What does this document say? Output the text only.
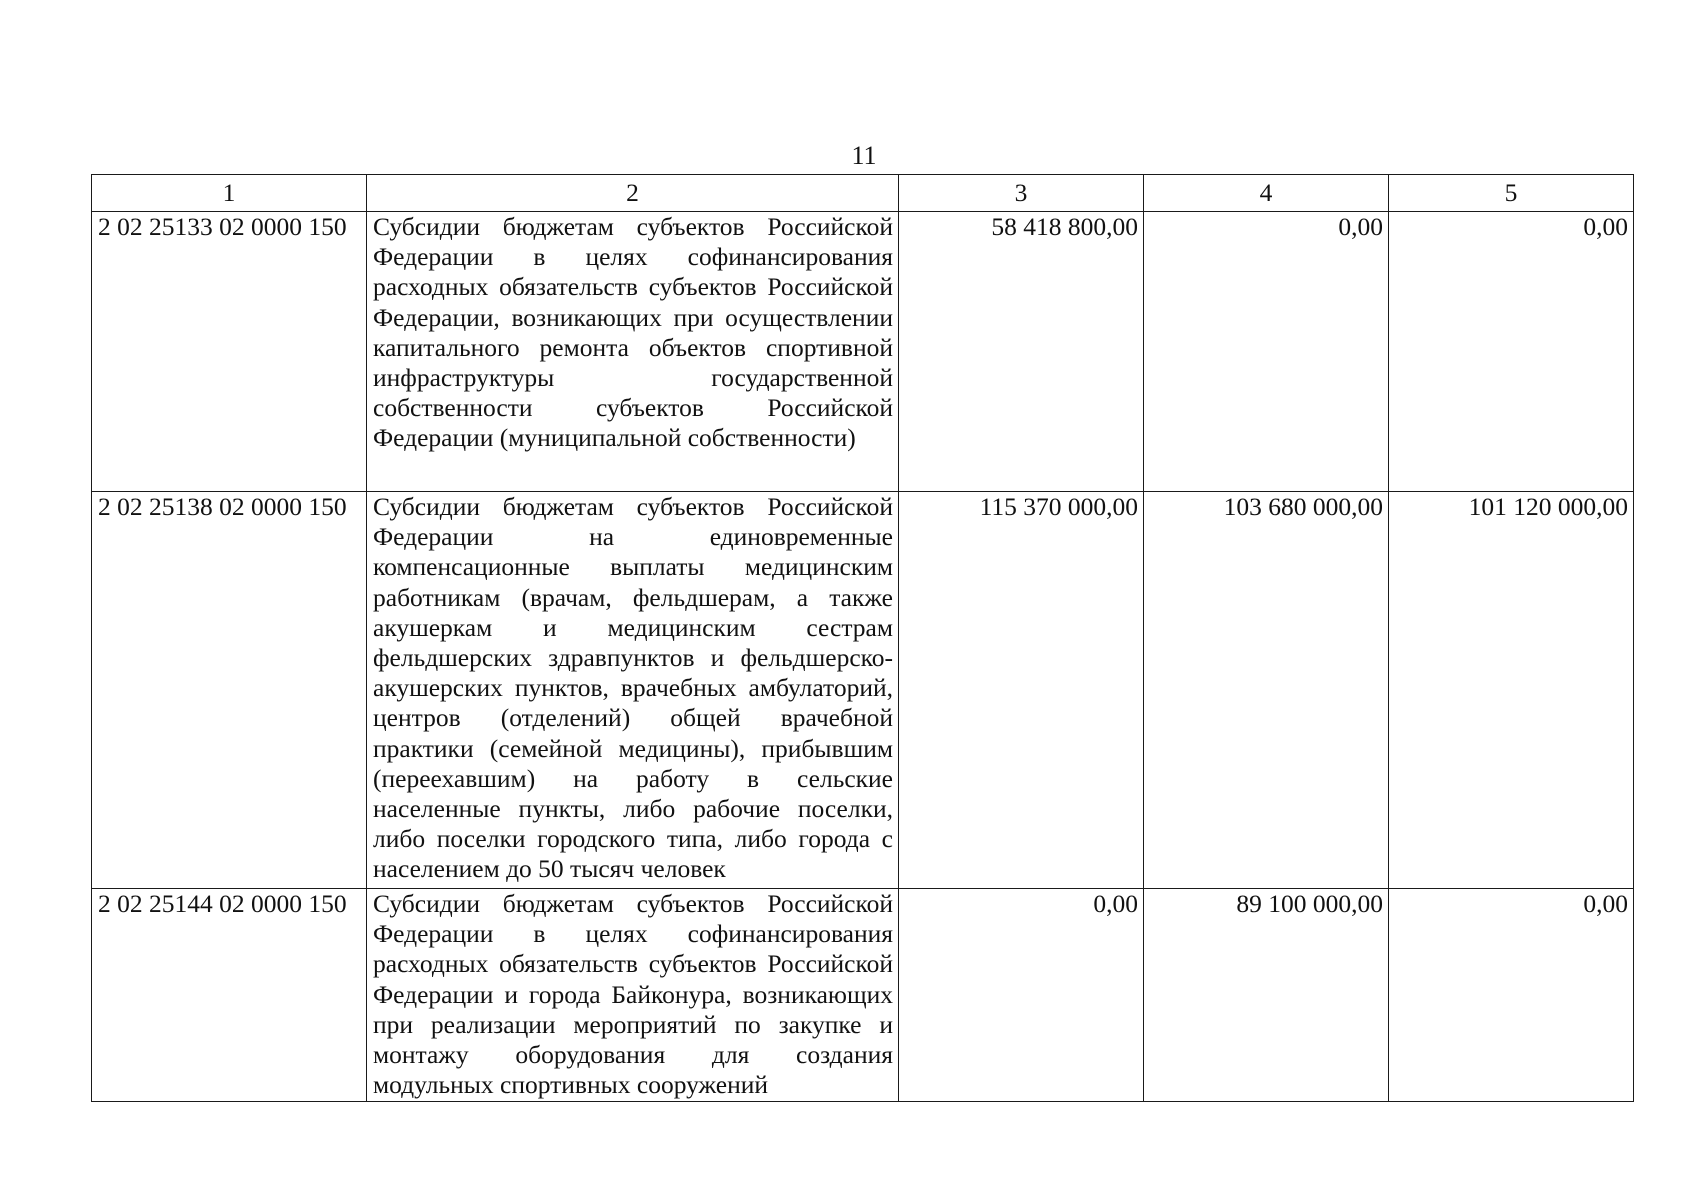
11
1	2	3	4	5
2 02 25133 02 0000 150	Субсидии бюджетам субъектов Российской Федерации в целях софинансирования расходных обязательств субъектов Российской Федерации, возникающих при осуществлении капитального ремонта объектов спортивной инфраструктуры государственной собственности субъектов Российской Федерации (муниципальной собственности)	58 418 800,00	0,00	0,00
2 02 25138 02 0000 150	Субсидии бюджетам субъектов Российской Федерации на единовременные компенсационные выплаты медицинским работникам (врачам, фельдшерам, а также акушеркам и медицинским сестрам фельдшерских здравпунктов и фельдшерско-акушерских пунктов, врачебных амбулаторий, центров (отделений) общей врачебной практики (семейной медицины), прибывшим (переехавшим) на работу в сельские населенные пункты, либо рабочие поселки, либо поселки городского типа, либо города с населением до 50 тысяч человек	115 370 000,00	103 680 000,00	101 120 000,00
2 02 25144 02 0000 150	Субсидии бюджетам субъектов Российской Федерации в целях софинансирования расходных обязательств субъектов Российской Федерации и города Байконура, возникающих при реализации мероприятий по закупке и монтажу оборудования для создания модульных спортивных сооружений	0,00	89 100 000,00	0,00
